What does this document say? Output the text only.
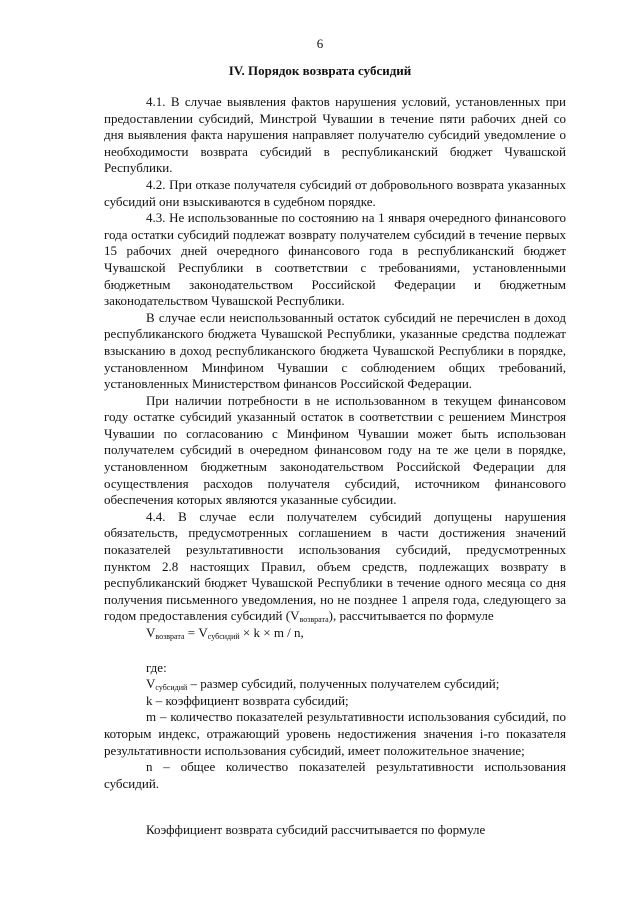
6
IV. Порядок возврата субсидий

4.1. В случае выявления фактов нарушения условий, установленных при предоставлении субсидий, Минстрой Чувашии в течение пяти рабочих дней со дня выявления факта нарушения направляет получателю субсидий уведомление о необходимости возврата субсидий в республиканский бюджет Чувашской Республики.

4.2. При отказе получателя субсидий от добровольного возврата указанных субсидий они взыскиваются в судебном порядке.

4.3. Не использованные по состоянию на 1 января очередного финансового года остатки субсидий подлежат возврату получателем субсидий в течение первых 15 рабочих дней очередного финансового года в республиканский бюджет Чувашской Республики в соответствии с требованиями, установленными бюджетным законодательством Российской Федерации и бюджетным законодательством Чувашской Республики.

В случае если неиспользованный остаток субсидий не перечислен в доход республиканского бюджета Чувашской Республики, указанные средства подлежат взысканию в доход республиканского бюджета Чувашской Республики в порядке, установленном Минфином Чувашии с соблюдением общих требований, установленных Министерством финансов Российской Федерации.

При наличии потребности в не использованном в текущем финансовом году остатке субсидий указанный остаток в соответствии с решением Минстроя Чувашии по согласованию с Минфином Чувашии может быть использован получателем субсидий в очередном финансовом году на те же цели в порядке, установленном бюджетным законодательством Российской Федерации для осуществления расходов получателя субсидий, источником финансового обеспечения которых являются указанные субсидии.

4.4. В случае если получателем субсидий допущены нарушения обязательств, предусмотренных соглашением в части достижения значений показателей результативности использования субсидий, предусмотренных пунктом 2.8 настоящих Правил, объем средств, подлежащих возврату в республиканский бюджет Чувашской Республики в течение одного месяца со дня получения письменного уведомления, но не позднее 1 апреля года, следующего за годом предоставления субсидий $(V_{возврата})$, рассчитывается по формуле

$V_{возврата} = V_{субсидий} \times k \times m / n$,

где:

$V_{субсидий}$ – размер субсидий, полученных получателем субсидий;

k – коэффициент возврата субсидий;

m – количество показателей результативности использования субсидий, по которым индекс, отражающий уровень недостижения значения i-го показателя результативности использования субсидий, имеет положительное значение;

n – общее количество показателей результативности использования субсидий.

Коэффициент возврата субсидий рассчитывается по формуле
